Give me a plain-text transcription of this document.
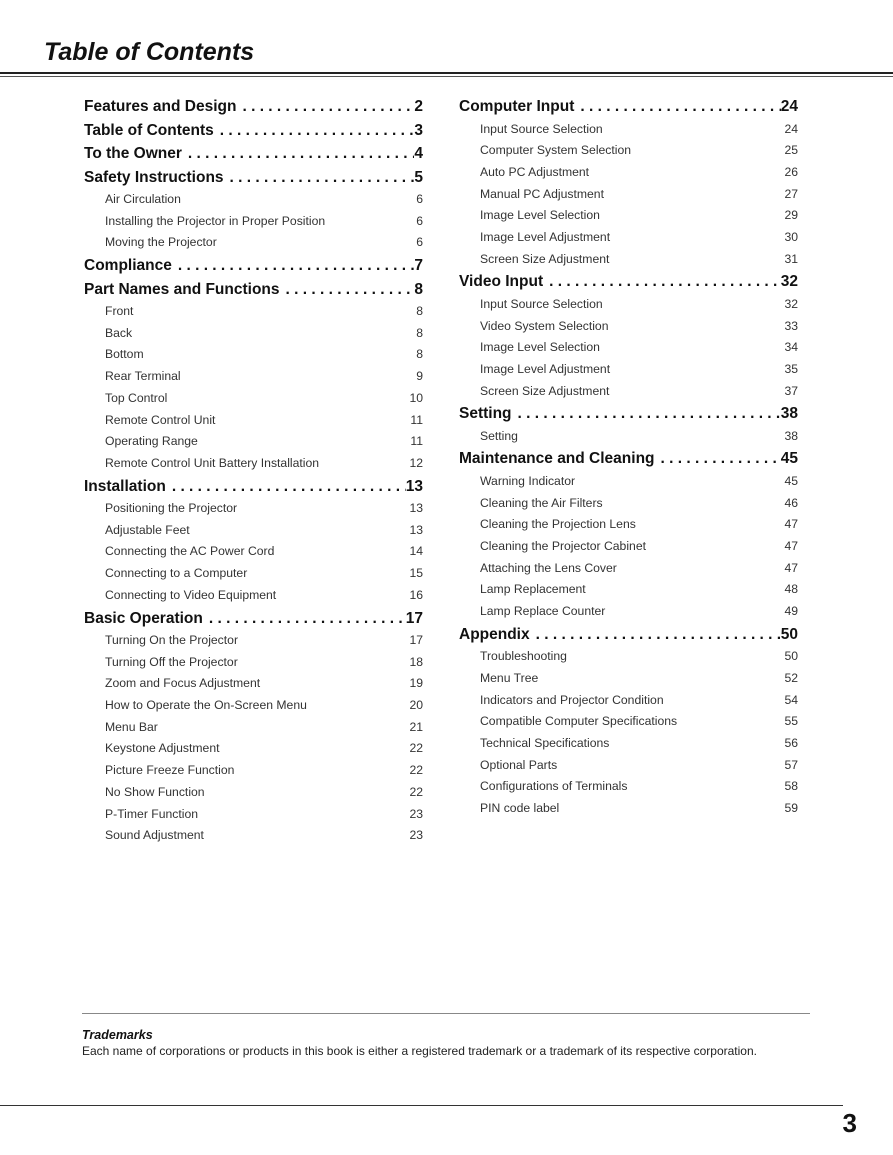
Table of Contents
Features and Design . . .	2
Table of Contents . . .	3
To the Owner . . .	4
Safety Instructions . . .	5
Air Circulation	6
Installing the Projector in Proper Position	6
Moving the Projector	6
Compliance . . .	7
Part Names and Functions . . .	8
Front	8
Back	8
Bottom	8
Rear Terminal	9
Top Control	10
Remote Control Unit	11
Operating Range	11
Remote Control Unit Battery Installation	12
Installation . . .	13
Positioning the Projector	13
Adjustable Feet	13
Connecting the AC Power Cord	14
Connecting to a Computer	15
Connecting to Video Equipment	16
Basic Operation . . .	17
Turning On the Projector	17
Turning Off the Projector	18
Zoom and Focus Adjustment	19
How to Operate the On-Screen Menu	20
Menu Bar	21
Keystone Adjustment	22
Picture Freeze Function	22
No Show Function	22
P-Timer Function	23
Sound Adjustment	23
Computer Input . . .	24
Input Source Selection	24
Computer System Selection	25
Auto PC Adjustment	26
Manual PC Adjustment	27
Image Level Selection	29
Image Level Adjustment	30
Screen Size Adjustment	31
Video Input . . .	32
Input Source Selection	32
Video System Selection	33
Image Level Selection	34
Image Level Adjustment	35
Screen Size Adjustment	37
Setting . . .	38
Setting	38
Maintenance and Cleaning . . .	45
Warning Indicator	45
Cleaning the Air Filters	46
Cleaning the Projection Lens	47
Cleaning the Projector Cabinet	47
Attaching the Lens Cover	47
Lamp Replacement	48
Lamp Replace Counter	49
Appendix . . .	50
Troubleshooting	50
Menu Tree	52
Indicators and Projector Condition	54
Compatible Computer Specifications	55
Technical Specifications	56
Optional Parts	57
Configurations of Terminals	58
PIN code label	59
Trademarks

Each name of corporations or products in this book is either a registered trademark or a trademark of its respective corporation.

3
